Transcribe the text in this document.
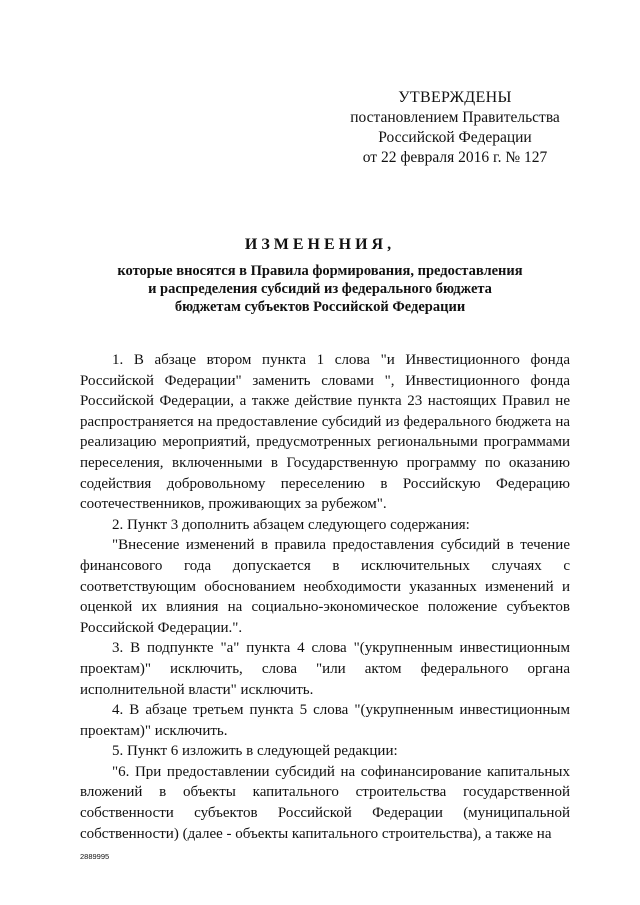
УТВЕРЖДЕНЫ
постановлением Правительства
Российской Федерации
от 22 февраля 2016 г. № 127
ИЗМЕНЕНИЯ,
которые вносятся в Правила формирования, предоставления
и распределения субсидий из федерального бюджета
бюджетам субъектов Российской Федерации

1. В абзаце втором пункта 1 слова "и Инвестиционного фонда Российской Федерации" заменить словами ", Инвестиционного фонда Российской Федерации, а также действие пункта 23 настоящих Правил не распространяется на предоставление субсидий из федерального бюджета на реализацию мероприятий, предусмотренных региональными программами переселения, включенными в Государственную программу по оказанию содействия добровольному переселению в Российскую Федерацию соотечественников, проживающих за рубежом".

2. Пункт 3 дополнить абзацем следующего содержания:

"Внесение изменений в правила предоставления субсидий в течение финансового года допускается в исключительных случаях с соответствующим обоснованием необходимости указанных изменений и оценкой их влияния на социально-экономическое положение субъектов Российской Федерации.".

3. В подпункте "а" пункта 4 слова "(укрупненным инвестиционным проектам)" исключить, слова "или актом федерального органа исполнительной власти" исключить.

4. В абзаце третьем пункта 5 слова "(укрупненным инвестиционным проектам)" исключить.

5. Пункт 6 изложить в следующей редакции:

"6. При предоставлении субсидий на софинансирование капитальных вложений в объекты капитального строительства государственной собственности субъектов Российской Федерации (муниципальной собственности) (далее - объекты капитального строительства), а также на

2889995
